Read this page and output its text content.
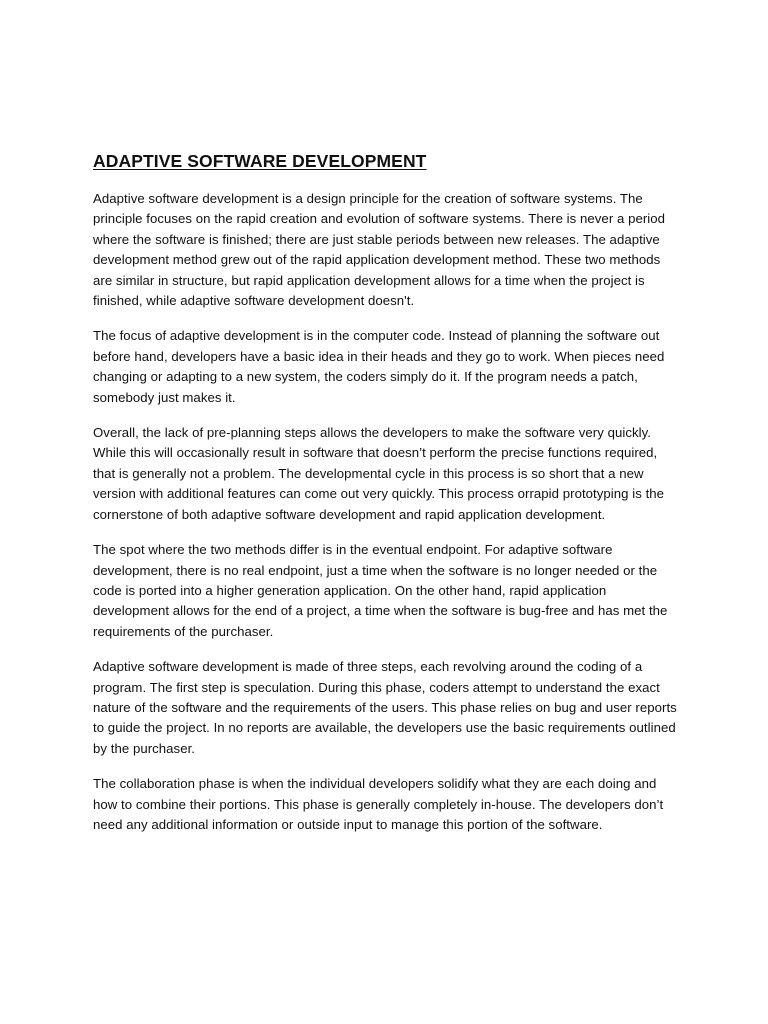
ADAPTIVE SOFTWARE DEVELOPMENT

Adaptive software development is a design principle for the creation of software systems. The principle focuses on the rapid creation and evolution of software systems. There is never a period where the software is finished; there are just stable periods between new releases. The adaptive development method grew out of the rapid application development method. These two methods are similar in structure, but rapid application development allows for a time when the project is finished, while adaptive software development doesn't.

The focus of adaptive development is in the computer code. Instead of planning the software out before hand, developers have a basic idea in their heads and they go to work. When pieces need changing or adapting to a new system, the coders simply do it. If the program needs a patch, somebody just makes it.

Overall, the lack of pre-planning steps allows the developers to make the software very quickly. While this will occasionally result in software that doesn’t perform the precise functions required, that is generally not a problem. The developmental cycle in this process is so short that a new version with additional features can come out very quickly. This process orrapid prototyping is the cornerstone of both adaptive software development and rapid application development.

The spot where the two methods differ is in the eventual endpoint. For adaptive software development, there is no real endpoint, just a time when the software is no longer needed or the code is ported into a higher generation application. On the other hand, rapid application development allows for the end of a project, a time when the software is bug-free and has met the requirements of the purchaser.

Adaptive software development is made of three steps, each revolving around the coding of a program. The first step is speculation. During this phase, coders attempt to understand the exact nature of the software and the requirements of the users. This phase relies on bug and user reports to guide the project. In no reports are available, the developers use the basic requirements outlined by the purchaser.

The collaboration phase is when the individual developers solidify what they are each doing and how to combine their portions. This phase is generally completely in-house. The developers don’t need any additional information or outside input to manage this portion of the software.
